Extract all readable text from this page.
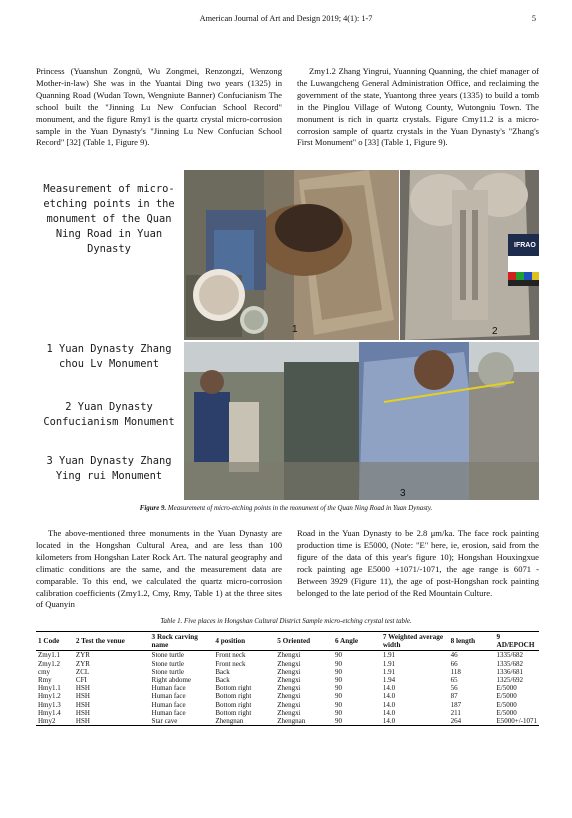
American Journal of Art and Design 2019; 4(1): 1-7	5

Princess (Yuanshun Zongnü, Wu Zongmei, Renzongzi, Wenzong Mother-in-law) She was in the Yuantai Ding two years (1325) in Quanning Road (Wudan Town, Wengniute Banner) Confucianism The school built the "Jinning Lu New Confucian School Record" monument, and the figure Rmy1 is the quartz crystal micro-corrosion sample in the Yuan Dynasty's "Jinning Lu New Confucian School Record" [32] (Table 1, Figure 9).

Zmy1.2 Zhang Yingrui, Yuanning Quanning, the chief manager of the Luwangcheng General Administration Office, and reclaiming the government of the state, Yuantong three years (1335) to build a tomb in the Pinglou Village of Wutong County, Wutongniu Town. The monument is rich in quartz crystals. Figure Cmy11.2 is a micro-corrosion sample of quartz crystals in the Yuan Dynasty's "Zhang's First Monument" o [33] (Table 1, Figure 9).

Measurement of micro-etching points in the monument of the Quan Ning Road in Yuan Dynasty
1 Yuan Dynasty Zhang chou Lv Monument
2 Yuan Dynasty Confucianism Monument
3 Yuan Dynasty Zhang Ying rui Monument
1
IFRAO
2
3
Figure 9. Measurement of micro-etching points in the monument of the Quan Ning Road in Yuan Dynasty.

The above-mentioned three monuments in the Yuan Dynasty are located in the Hongshan Cultural Area, and are less than 100 kilometers from Hongshan Later Rock Art. The natural geography and climatic conditions are the same, and the measurement data are comparable. To this end, we calculated the quartz micro-corrosion calibration coefficients (Zmy1.2, Cmy, Rmy, Table 1) at the three sites of Quanyin

Road in the Yuan Dynasty to be 2.8 μm/ka. The face rock painting production time is E5000, (Note: "E" here, ie, erosion, said from the figure of the data of this year's figure 10); Hongshan Houxingxue rock painting age E5000 +1071/-1071, the age range is 6071 - Between 3929 (Figure 11), the age of post-Hongshan rock painting belonged to the late period of the Red Mountain Culture.

Table 1. Five places in Hongshan Cultural District Sample micro-etching crystal test table.
1 Code	2 Test the venue	3 Rock carving name	4 position	5 Oriented	6 Angle	7 Weighted average width	8 length	9 AD/EPOCH
Zmy1.1	ZYR	Stone turtle	Front neck	Zhengxi	90	1.91	46	1335/682
Zmy1.2	ZYR	Stone turtle	Front neck	Zhengxi	90	1.91	66	1335/682
cmy	ZCL	Stone turtle	Back	Zhengxi	90	1.91	118	1336/681
Rmy	CFI	Right abdome	Back	Zhengxi	90	1.94	65	1325/692
Hmy1.1	HSH	Human face	Bottom right	Zhengxi	90	14.0	56	E/5000
Hmy1.2	HSH	Human face	Bottom right	Zhengxi	90	14.0	87	E/5000
Hmy1.3	HSH	Human face	Bottom right	Zhengxi	90	14.0	187	E/5000
Hmy1.4	HSH	Human face	Bottom right	Zhengxi	90	14.0	211	E/5000
Hmy2	HSH	Star cave	Zhengnan	Zhengnan	90	14.0	264	E5000+/-1071
